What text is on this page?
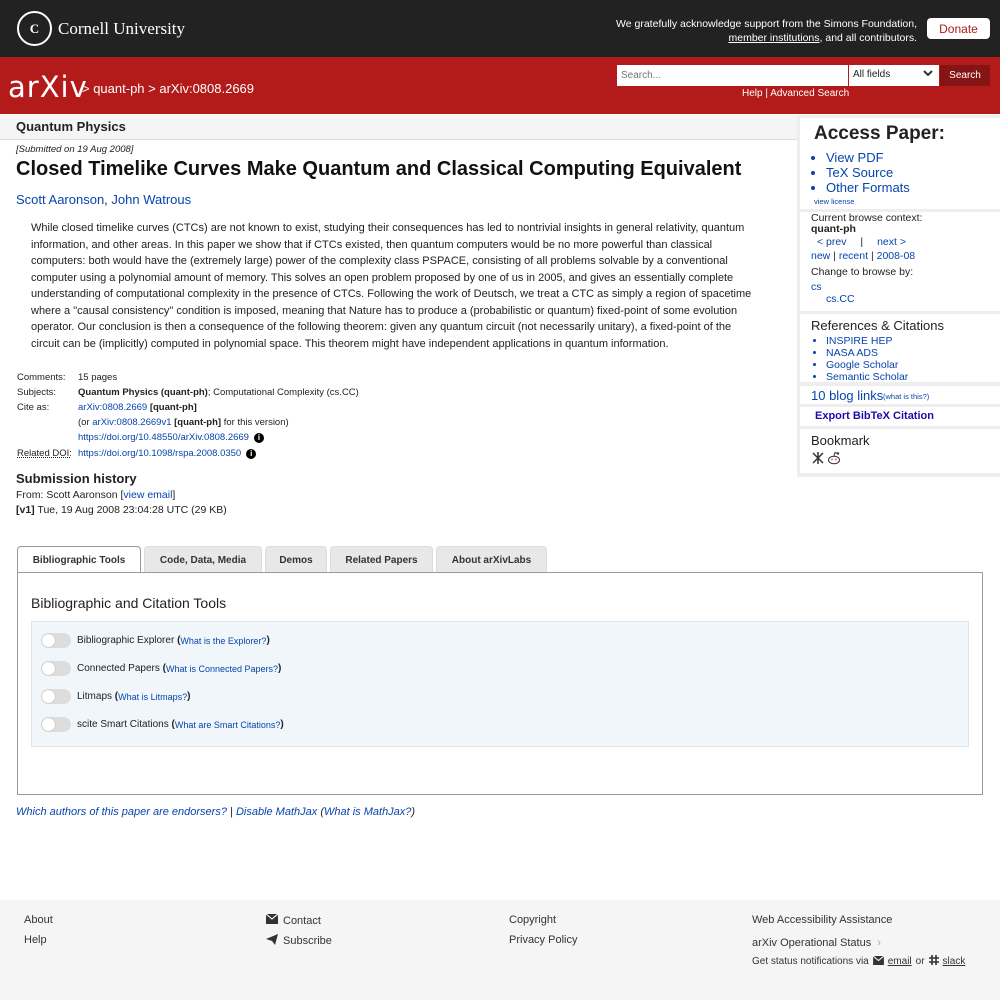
C	Cornell University	We gratefully acknowledge support from the Simons Foundation,
member institutions, and all contributors.
Donate
arXiv
> quant-ph > arXiv:0808.2669
Search...
All fields	Search
Help | Advanced Search
Quantum Physics
[Submitted on 19 Aug 2008]
Closed Timelike Curves Make Quantum and Classical Computing Equivalent
Scott Aaronson, John Watrous
While closed timelike curves (CTCs) are not known to exist, studying their consequences has led to nontrivial insights in general relativity, quantum information, and other areas. In this paper we show that if CTCs existed, then quantum computers would be no more powerful than classical computers: both would have the (extremely large) power of the complexity class PSPACE, consisting of all problems solvable by a conventional computer using a polynomial amount of memory. This solves an open problem proposed by one of us in 2005, and gives an essentially complete understanding of computational complexity in the presence of CTCs. Following the work of Deutsch, we treat a CTC as simply a region of spacetime where a "causal consistency" condition is imposed, meaning that Nature has to produce a (probabilistic or quantum) fixed-point of some evolution operator. Our conclusion is then a consequence of the following theorem: given any quantum circuit (not necessarily unitary), a fixed-point of the circuit can be (implicitly) computed in polynomial space. This theorem might have independent applications in quantum information.
Comments: 15 pages
Subjects: Quantum Physics (quant-ph); Computational Complexity (cs.CC)
Cite as:	arXiv:0808.2669 [quant-ph]
(or arXiv:0808.2669v1 [quant-ph] for this version)
https://doi.org/10.48550/arXiv.0808.2669 i
Related DOI: https://doi.org/10.1098/rspa.2008.0350 i
Submission history
From: Scott Aaronson [view email]
[v1] Tue, 19 Aug 2008 23:04:28 UTC (29 KB)
Access Paper:
• View PDF
• TeX Source
• Other Formats
view license
Current browse context:
quant-ph
< prev | next >
new | recent | 2008-08
Change to browse by:
cs
cs.CC
References & Citations
• INSPIRE HEP
• NASA ADS
• Google Scholar
• Semantic Scholar
10 blog links (what is this?)
Export BibTeX Citation
Bookmark
Bibliographic Tools	Code, Data, Media	Demos	Related Papers	About arXivLabs
Bibliographic and Citation Tools
Bibliographic Explorer
( What is the Explorer? )
Connected Papers
( What is Connected Papers? )
Litmaps
( What is Litmaps? )
scite Smart Citations
( What are Smart Citations? )
Which authors of this paper are endorsers? | Disable MathJax (What is MathJax?)
About
Help
Contact
Subscribe
Copyright
Privacy Policy
Web Accessibility Assistance
arXiv Operational Status ›
Get status notifications via email or slack
